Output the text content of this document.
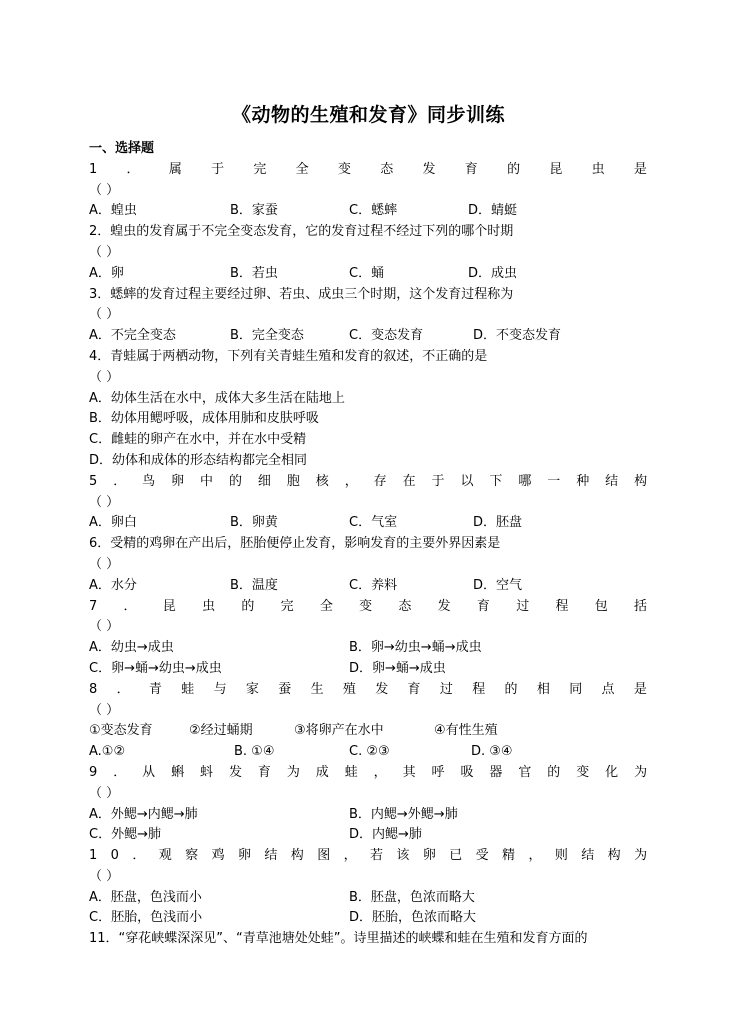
《动物的生殖和发育》同步训练
一、选择题
1 ． 属 于 完 全 变 态 发 育 的 昆 虫 是
（ ）
A．蝗虫	B．家蚕	C．蟋蟀	D．蜻蜓
2．蝗虫的发育属于不完全变态发育，它的发育过程不经过下列的哪个时期
（ ）
A．卵	B．若虫	C．蛹	D．成虫
3．蟋蟀的发育过程主要经过卵、若虫、成虫三个时期，这个发育过程称为
（ ）
A．不完全变态	B．完全变态	C．变态发育	D．不变态发育
4．青蛙属于两栖动物，下列有关青蛙生殖和发育的叙述，不正确的是
（ ）
A．幼体生活在水中，成体大多生活在陆地上
B．幼体用鳃呼吸，成体用肺和皮肤呼吸
C．雌蛙的卵产在水中，并在水中受精
D．幼体和成体的形态结构都完全相同
5 ． 鸟 卵 中 的 细 胞 核 ， 存 在 于 以 下 哪 一 种 结 构
（ ）
A．卵白	B．卵黄	C．气室	D．胚盘
6．受精的鸡卵在产出后，胚胎便停止发育，影响发育的主要外界因素是
（ ）
A．水分	B．温度	C．养料	D．空气
7 ． 昆 虫 的 完 全 变 态 发 育 过 程 包 括
（ ）
A．幼虫→成虫	B．卵→幼虫→蛹→成虫
C．卵→蛹→幼虫→成虫	D．卵→蛹→成虫
8 ． 青 蛙 与 家 蚕 生 殖 发 育 过 程 的 相 同 点 是
（ ）
①变态发育	②经过蛹期	③将卵产在水中	④有性生殖
A.①②	B. ①④	C. ②③	D. ③④
9 ． 从 蝌 蚪 发 育 为 成 蛙 ， 其 呼 吸 器 官 的 变 化 为
（ ）
A．外鳃→内鳃→肺	B．内鳃→外鳃→肺
C．外鳃→肺	D．内鳃→肺
1 0 ． 观 察 鸡 卵 结 构 图 ， 若 该 卵 已 受 精 ， 则 结 构 为
（ ）
A．胚盘，色浅而小	B．胚盘，色浓而略大
C．胚胎，色浅而小	D．胚胎，色浓而略大
11．“穿花峡蝶深深见”、“青草池塘处处蛙”。诗里描述的峡蝶和蛙在生殖和发育方面的
